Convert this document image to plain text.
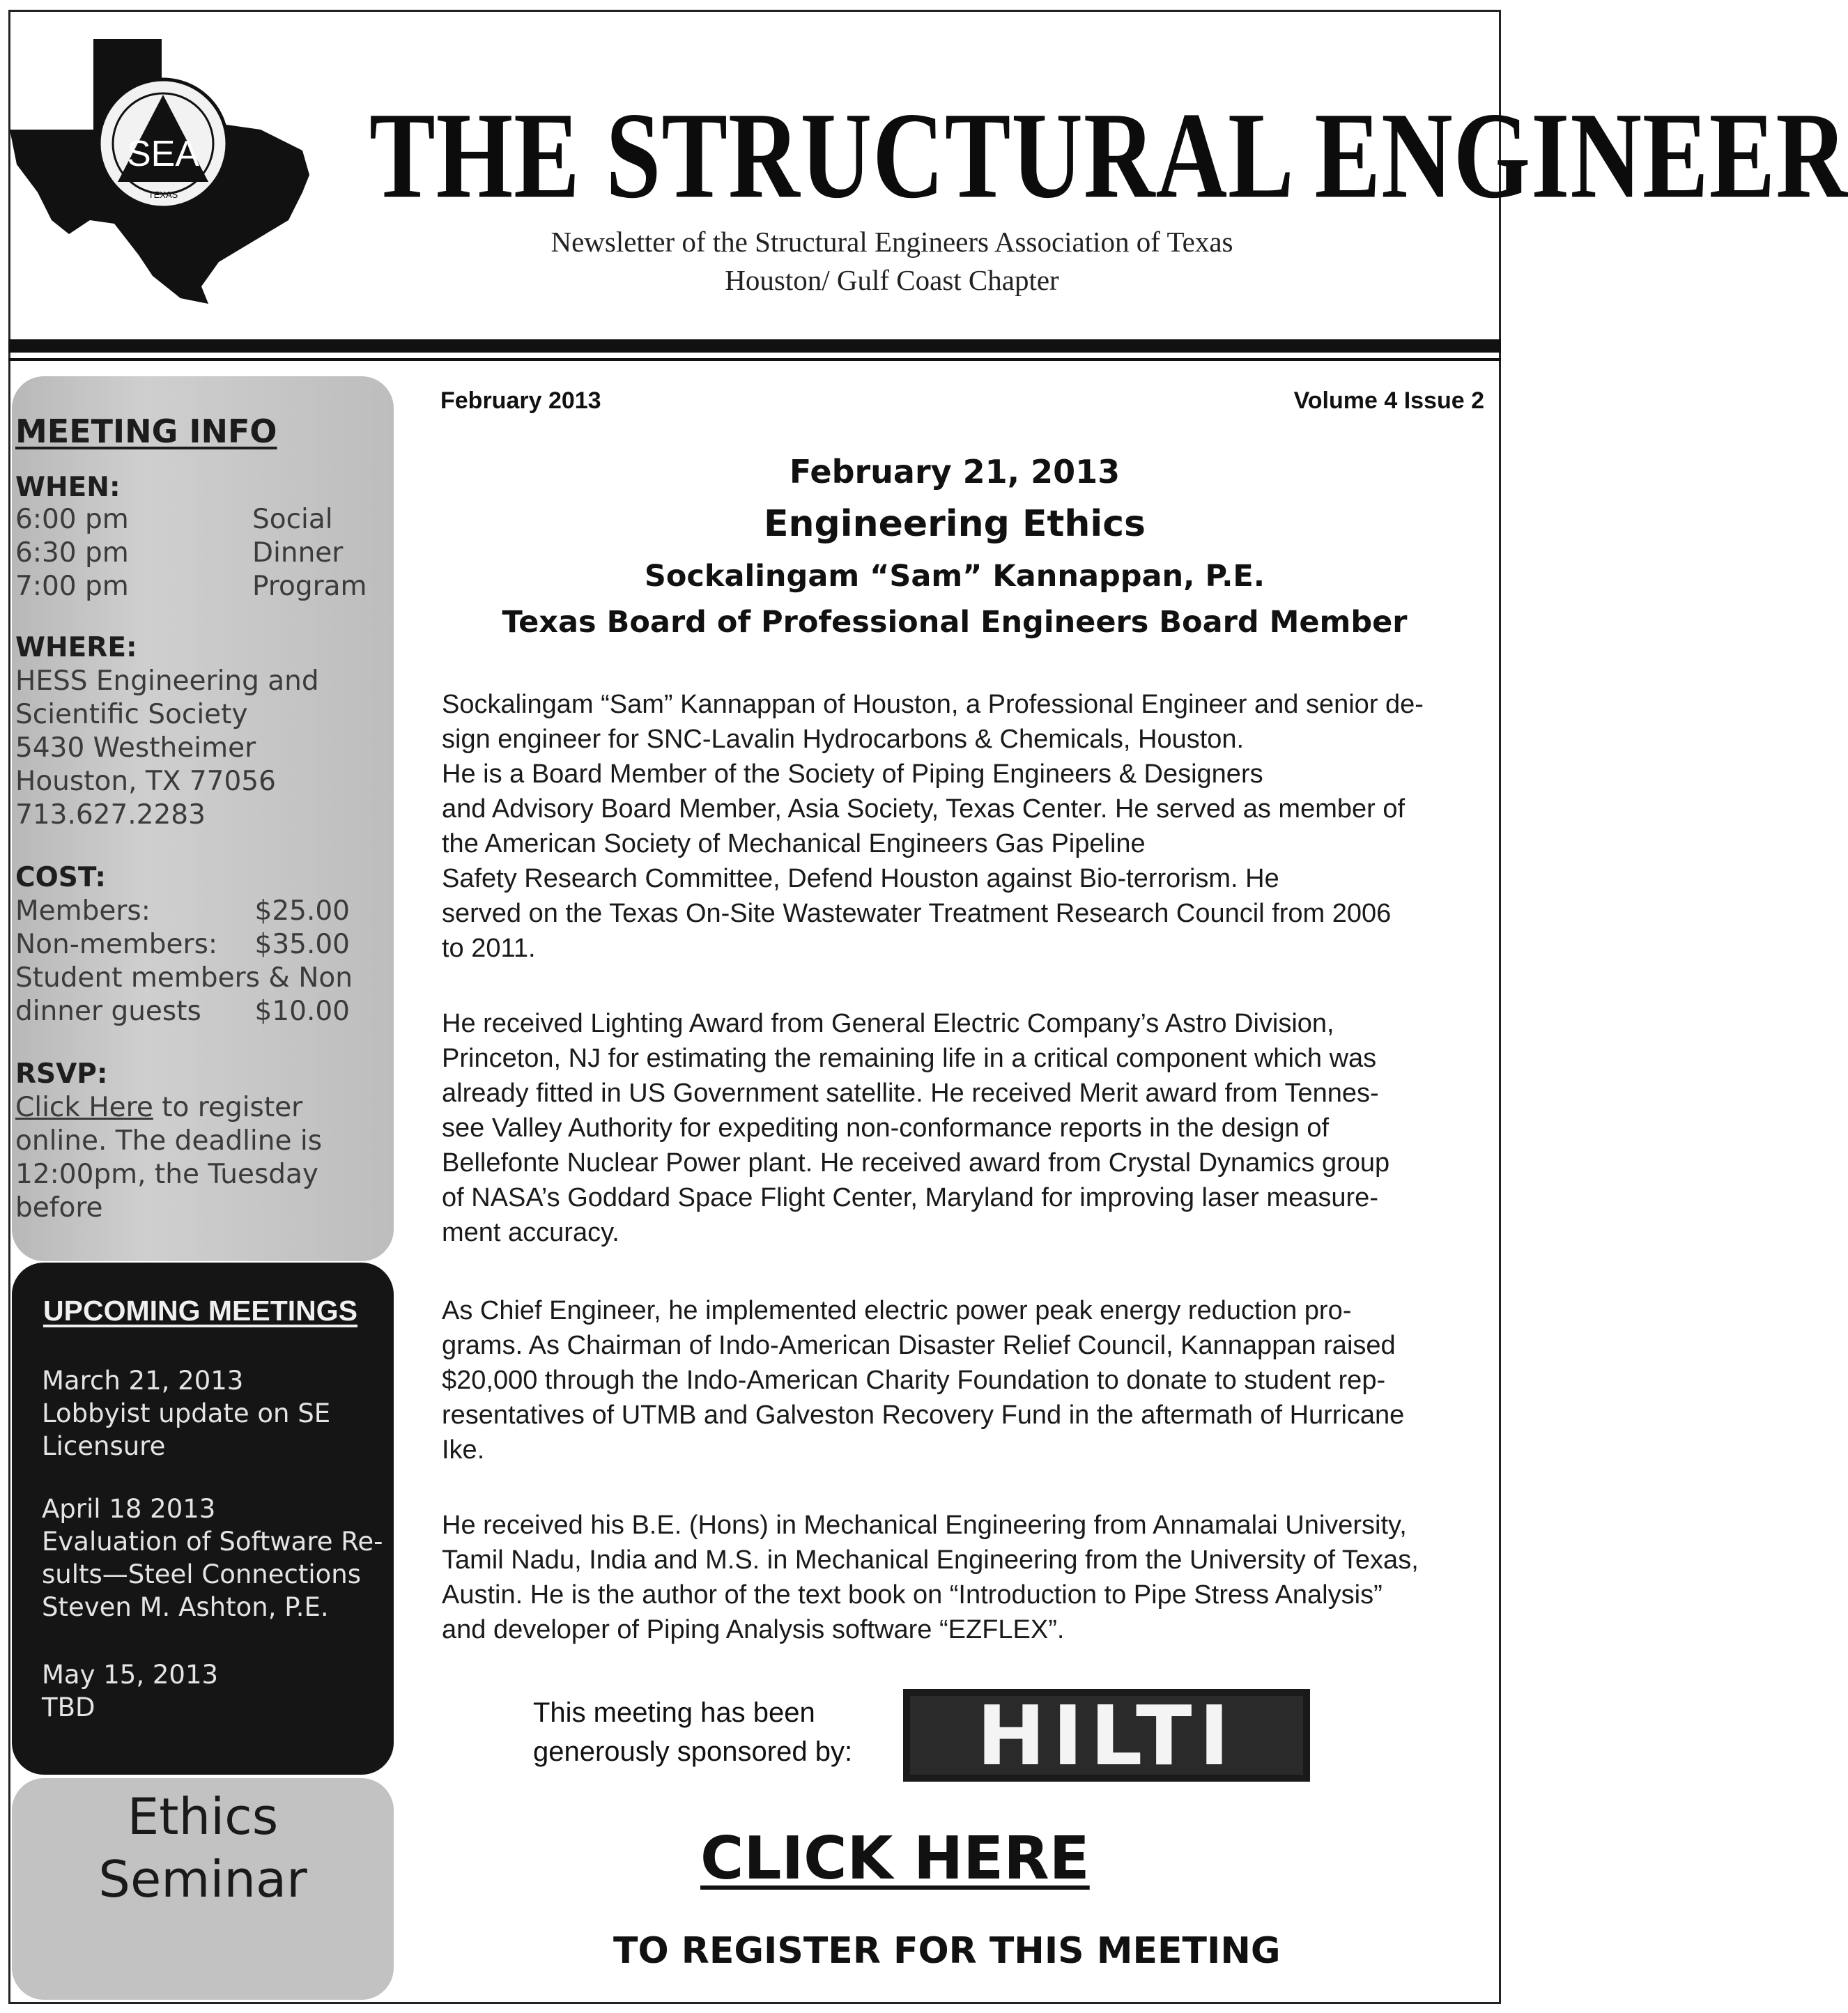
SEA
TEXAS THE STRUCTURAL ENGINEER
Newsletter of the Structural Engineers Association of Texas
Houston/ Gulf Coast Chapter
MEETING INFO
WHEN:
6:00 pm	Social
6:30 pm	Dinner
7:00 pm	Program
WHERE:
HESS Engineering and
Scientific Society
5430 Westheimer
Houston, TX 77056
713.627.2283
COST:
Members:	$25.00
Non-members: $35.00
Student members & Non
dinner guests $10.00
RSVP:
Click Here to register
online. The deadline is
12:00pm, the Tuesday
before
UPCOMING MEETINGS
March 21, 2013
Lobbyist update on SE
Licensure
April 18 2013
Evaluation of Software Re-
sults—Steel Connections
Steven M. Ashton, P.E.
May 15, 2013
TBD
Ethics
Seminar
February 2013	Volume 4 Issue 2
February 21, 2013
Engineering Ethics
Sockalingam “Sam” Kannappan, P.E.
Texas Board of Professional Engineers Board Member

Sockalingam “Sam” Kannappan of Houston, a Professional Engineer and senior de-

sign engineer for SNC-Lavalin Hydrocarbons & Chemicals, Houston.

He is a Board Member of the Society of Piping Engineers & Designers

and Advisory Board Member, Asia Society, Texas Center. He served as member of

the American Society of Mechanical Engineers Gas Pipeline

Safety Research Committee, Defend Houston against Bio-terrorism. He

served on the Texas On-Site Wastewater Treatment Research Council from 2006

to 2011.

He received Lighting Award from General Electric Company’s Astro Division,

Princeton, NJ for estimating the remaining life in a critical component which was

already fitted in US Government satellite. He received Merit award from Tennes-

see Valley Authority for expediting non-conformance reports in the design of

Bellefonte Nuclear Power plant. He received award from Crystal Dynamics group

of NASA’s Goddard Space Flight Center, Maryland for improving laser measure-

ment accuracy.

As Chief Engineer, he implemented electric power peak energy reduction pro-

grams. As Chairman of Indo-American Disaster Relief Council, Kannappan raised

$20,000 through the Indo-American Charity Foundation to donate to student rep-

resentatives of UTMB and Galveston Recovery Fund in the aftermath of Hurricane

Ike.

He received his B.E. (Hons) in Mechanical Engineering from Annamalai University,

Tamil Nadu, India and M.S. in Mechanical Engineering from the University of Texas,

Austin. He is the author of the text book on “Introduction to Pipe Stress Analysis”

and developer of Piping Analysis software “EZFLEX”.

This meeting has been
generously sponsored by: HILTI
CLICK HERE
TO REGISTER FOR THIS MEETING
